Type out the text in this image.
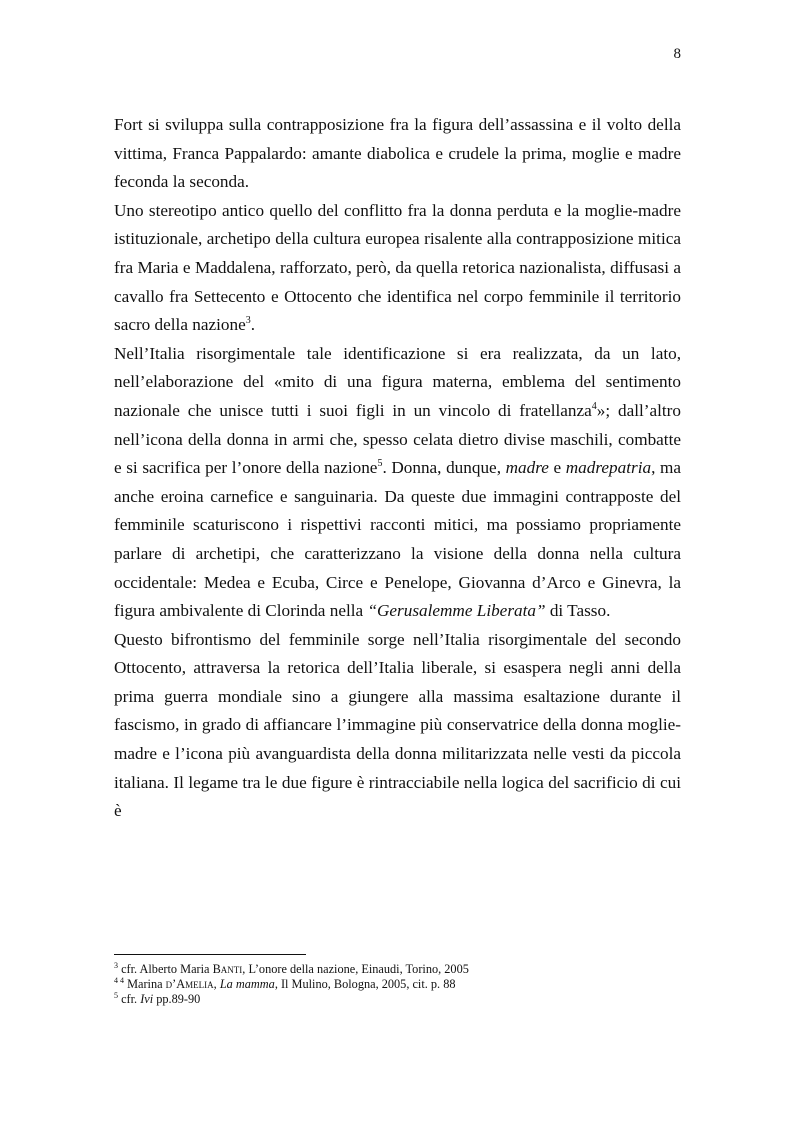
8

Fort si sviluppa sulla contrapposizione fra la figura dell’assassina e il volto della vittima, Franca Pappalardo: amante diabolica e crudele la prima, moglie e madre feconda la seconda.

Uno stereotipo antico quello del conflitto fra la donna perduta e la moglie-madre istituzionale, archetipo della cultura europea risalente alla contrapposizione mitica fra Maria e Maddalena, rafforzato, però, da quella retorica nazionalista, diffusasi a cavallo fra Settecento e Ottocento che identifica nel corpo femminile il territorio sacro della nazione$^3$.

Nell’Italia risorgimentale tale identificazione si era realizzata, da un lato, nell’elaborazione del «mito di una figura materna, emblema del sentimento nazionale che unisce tutti i suoi figli in un vincolo di fratellanza$^4$»; dall’altro nell’icona della donna in armi che, spesso celata dietro divise maschili, combatte e si sacrifica per l’onore della nazione$^5$. Donna, dunque, madre e madrepatria, ma anche eroina carnefice e sanguinaria. Da queste due immagini contrapposte del femminile scaturiscono i rispettivi racconti mitici, ma possiamo propriamente parlare di archetipi, che caratterizzano la visione della donna nella cultura occidentale: Medea e Ecuba, Circe e Penelope, Giovanna d’Arco e Ginevra, la figura ambivalente di Clorinda nella “Gerusalemme Liberata” di Tasso.

Questo bifrontismo del femminile sorge nell’Italia risorgimentale del secondo Ottocento, attraversa la retorica dell’Italia liberale, si esaspera negli anni della prima guerra mondiale sino a giungere alla massima esaltazione durante il fascismo, in grado di affiancare l’immagine più conservatrice della donna moglie-madre e l’icona più avanguardista della donna militarizzata nelle vesti da piccola italiana. Il legame tra le due figure è rintracciabile nella logica del sacrificio di cui è

$^3$ cfr. Alberto Maria Banti, L’onore della nazione, Einaudi, Torino, 2005
$^{4 4}$ Marina d’Amelia, La mamma, Il Mulino, Bologna, 2005, cit. p. 88
$^5$ cfr. Ivi pp.89-90
